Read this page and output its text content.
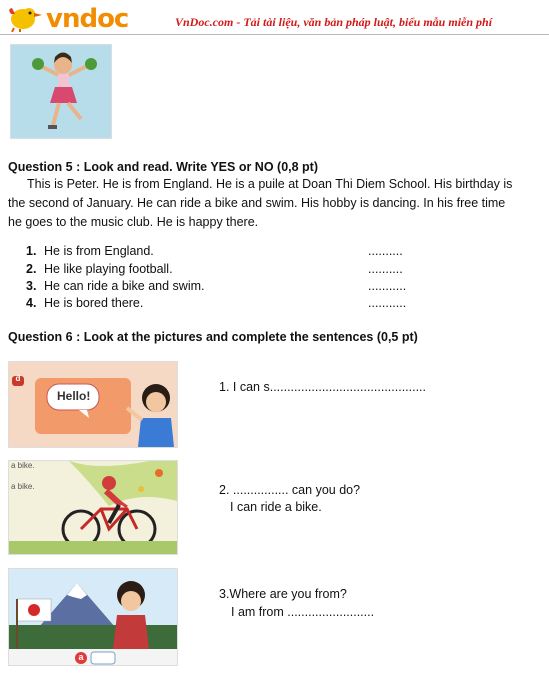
vndoc	VnDoc.com - Tải tài liệu, văn bản pháp luật, biểu mẫu miễn phí
Question 5 : Look and read. Write YES or NO (0,8 pt)
This is Peter. He is from England. He is a puile at Doan Thi Diem School. His birthday is
the second of January. He can ride a bike and swim. His hobby is dancing. In his free time
he goes to the music club. He is happy there.
1. He is from England.	..........
2. He like playing football.	..........
3. He can ride a bike and swim.	...........
4. He is bored there.	...........
Question 6 : Look at the pictures and complete the sentences (0,5 pt)
d
Hello!
1. I can s.............................................
a bike.
a bike.	2. ................ can you do?
I can ride a bike.
a
3.Where are you from?
I am from .........................
